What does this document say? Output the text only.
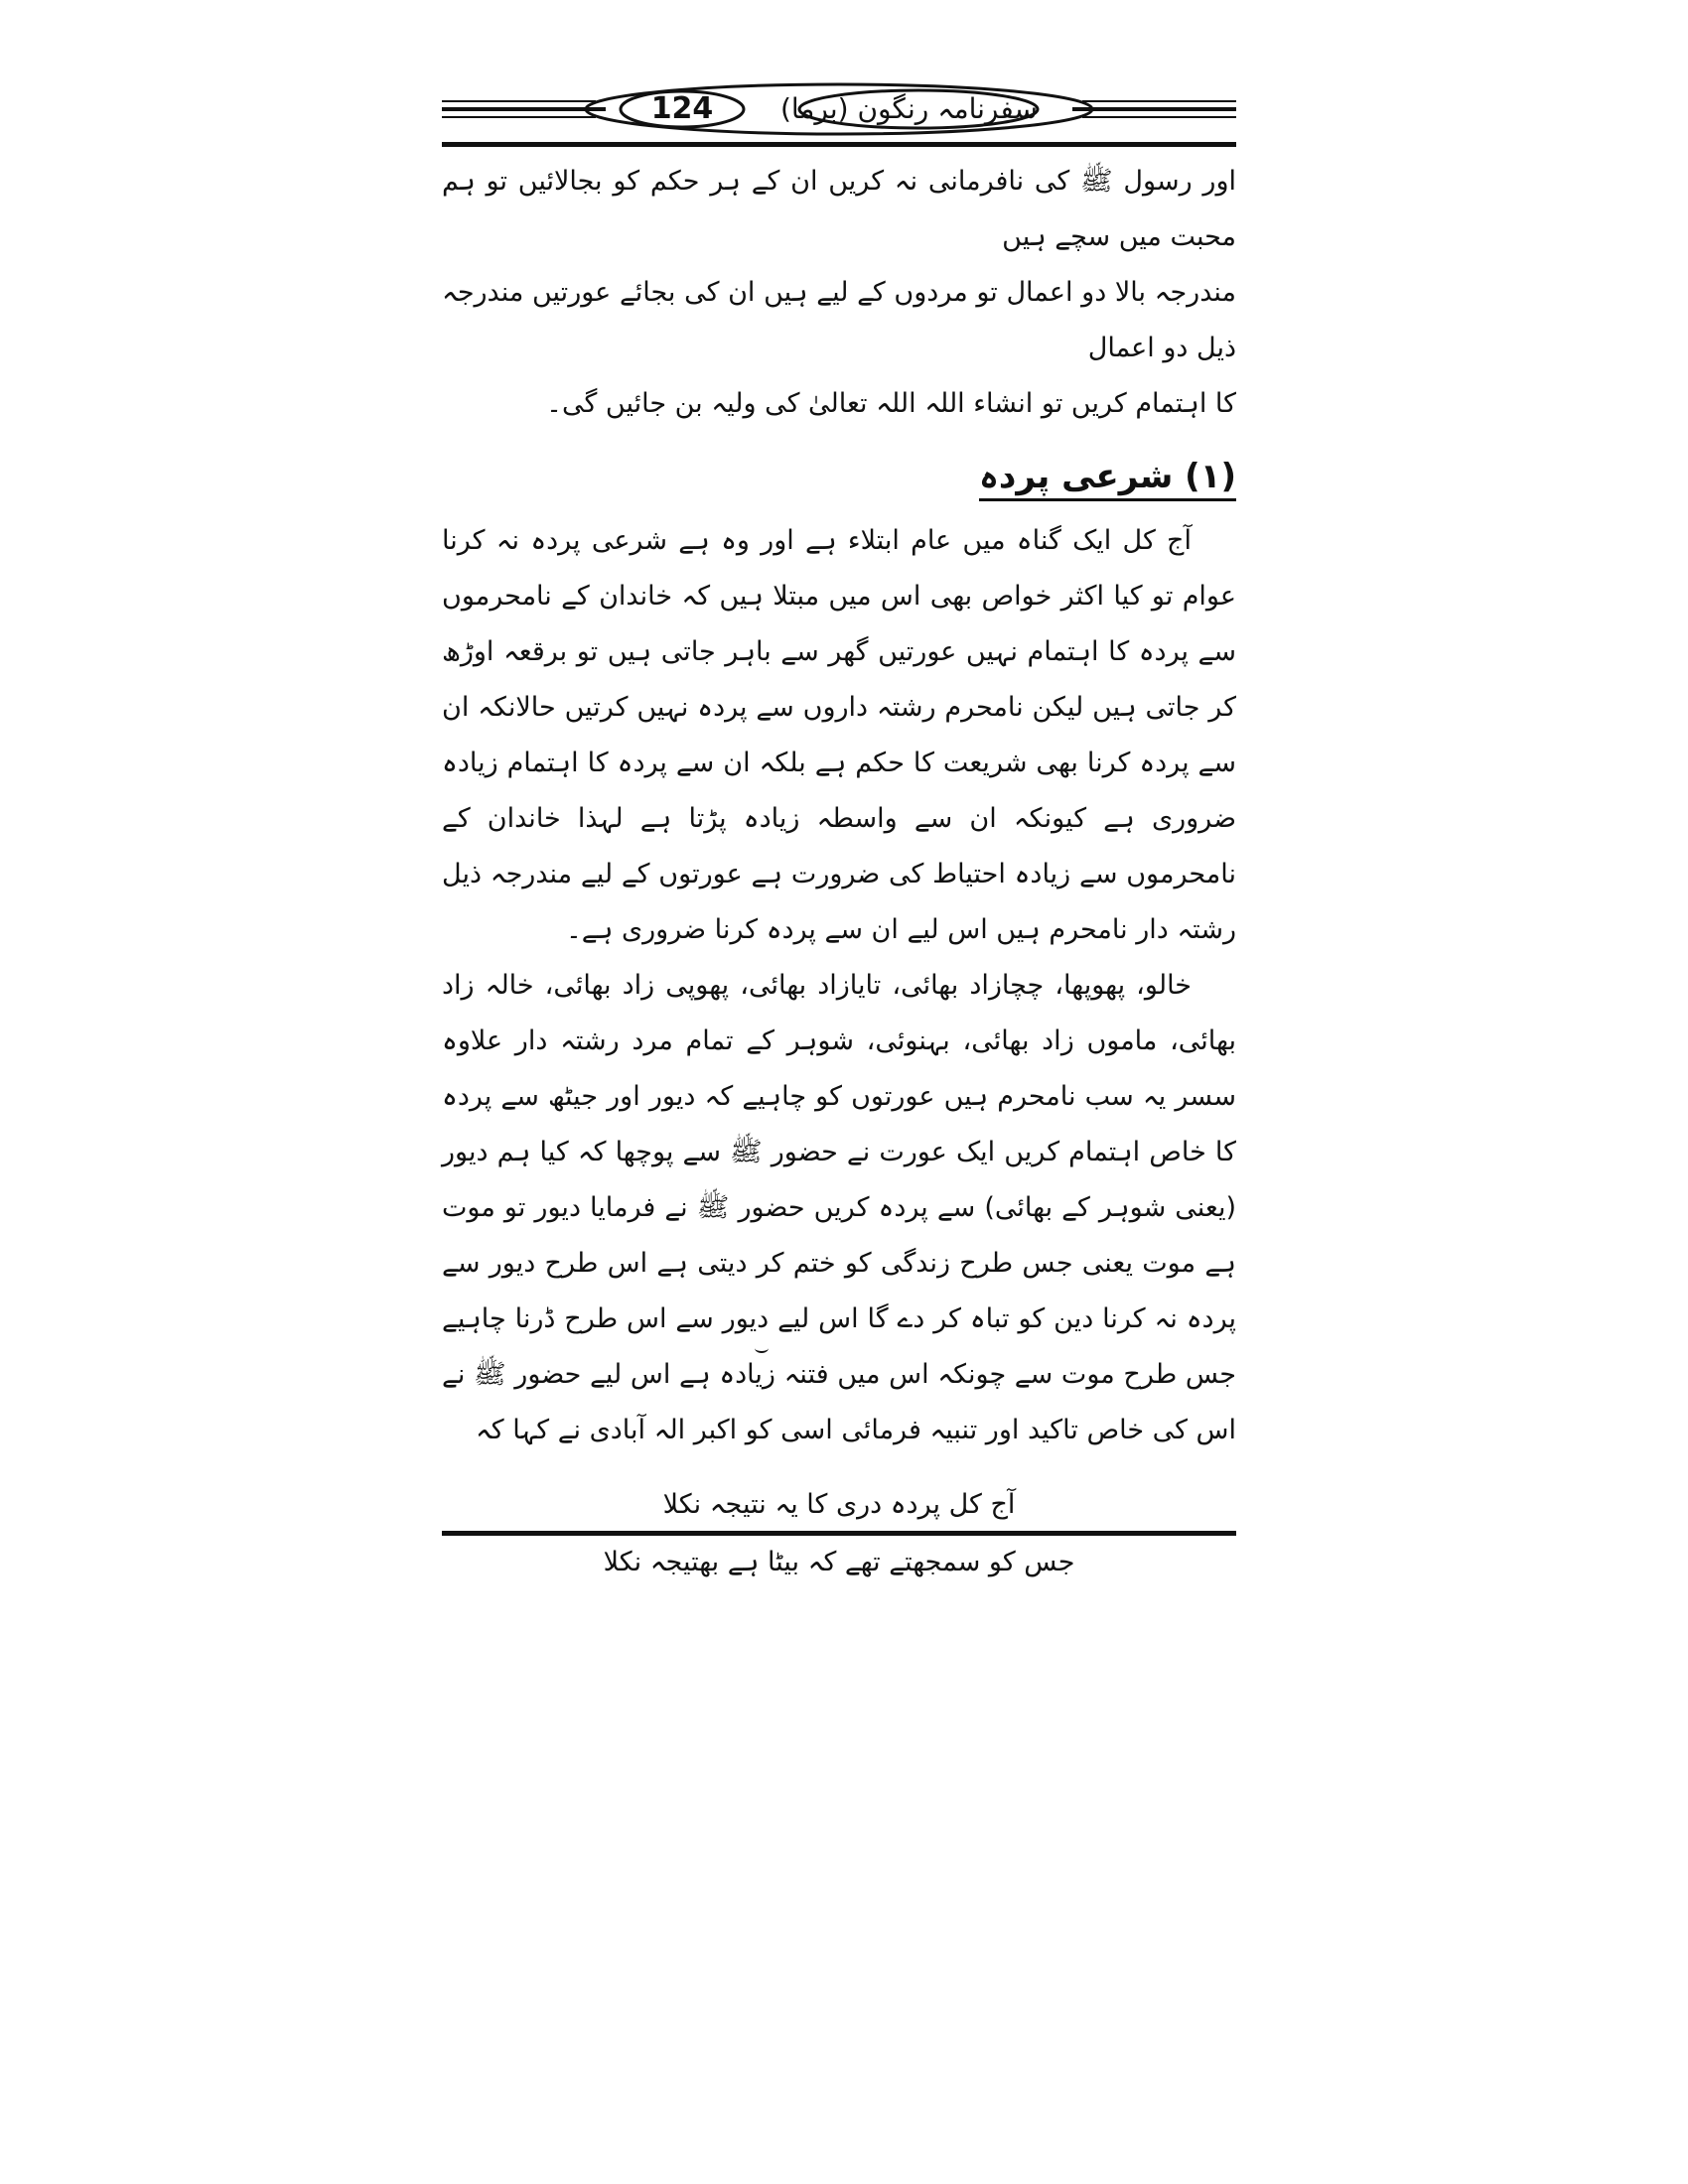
124	سفرنامہ رنگون (برما)

اور رسول ﷺ کی نافرمانی نہ کریں ان کے ہر حکم کو بجالائیں تو ہم محبت میں سچے ہیں

مندرجہ بالا دو اعمال تو مردوں کے لیے ہیں ان کی بجائے عورتیں مندرجہ ذیل دو اعمال

کا اہتمام کریں تو انشاء اللہ اللہ تعالیٰ کی ولیہ بن جائیں گی۔

(۱) شرعی پردہ

آج کل ایک گناہ میں عام ابتلاء ہے اور وہ ہے شرعی پردہ نہ کرنا عوام تو کیا اکثر خواص بھی اس میں مبتلا ہیں کہ خاندان کے نامحرموں سے پردہ کا اہتمام نہیں عورتیں گھر سے باہر جاتی ہیں تو برقعہ اوڑھ کر جاتی ہیں لیکن نامحرم رشتہ داروں سے پردہ نہیں کرتیں حالانکہ ان سے پردہ کرنا بھی شریعت کا حکم ہے بلکہ ان سے پردہ کا اہتمام زیادہ ضروری ہے کیونکہ ان سے واسطہ زیادہ پڑتا ہے لہذا خاندان کے نامحرموں سے زیادہ احتیاط کی ضرورت ہے عورتوں کے لیے مندرجہ ذیل رشتہ دار نامحرم ہیں اس لیے ان سے پردہ کرنا ضروری ہے۔

خالو، پھوپھا، چچازاد بھائی، تایازاد بھائی، پھوپی زاد بھائی، خالہ زاد بھائی، ماموں زاد بھائی، بہنوئی، شوہر کے تمام مرد رشتہ دار علاوہ سسر یہ سب نامحرم ہیں عورتوں کو چاہیے کہ دیور اور جیٹھ سے پردہ کا خاص اہتمام کریں ایک عورت نے حضور ﷺ سے پوچھا کہ کیا ہم دیور (یعنی شوہر کے بھائی) سے پردہ کریں حضور ﷺ نے فرمایا دیور تو موت ہے موت یعنی جس طرح زندگی کو ختم کر دیتی ہے اس طرح دیور سے پردہ نہ کرنا دین کو تباہ کر دے گا اس لیے دیور سے اس طرح ڈرنا چاہیے جس طرح موت سے چونکہ اس میں فتنہ زیادہ ہے اس لیے حضور ﷺ نے اس کی خاص تاکید اور تنبیہ فرمائی اسی کو اکبر الہ آبادی نے کہا کہ

آج کل پردہ دری کا یہ نتیجہ نکلا
جس کو سمجھتے تھے کہ بیٹا ہے بھتیجہ نکلا
